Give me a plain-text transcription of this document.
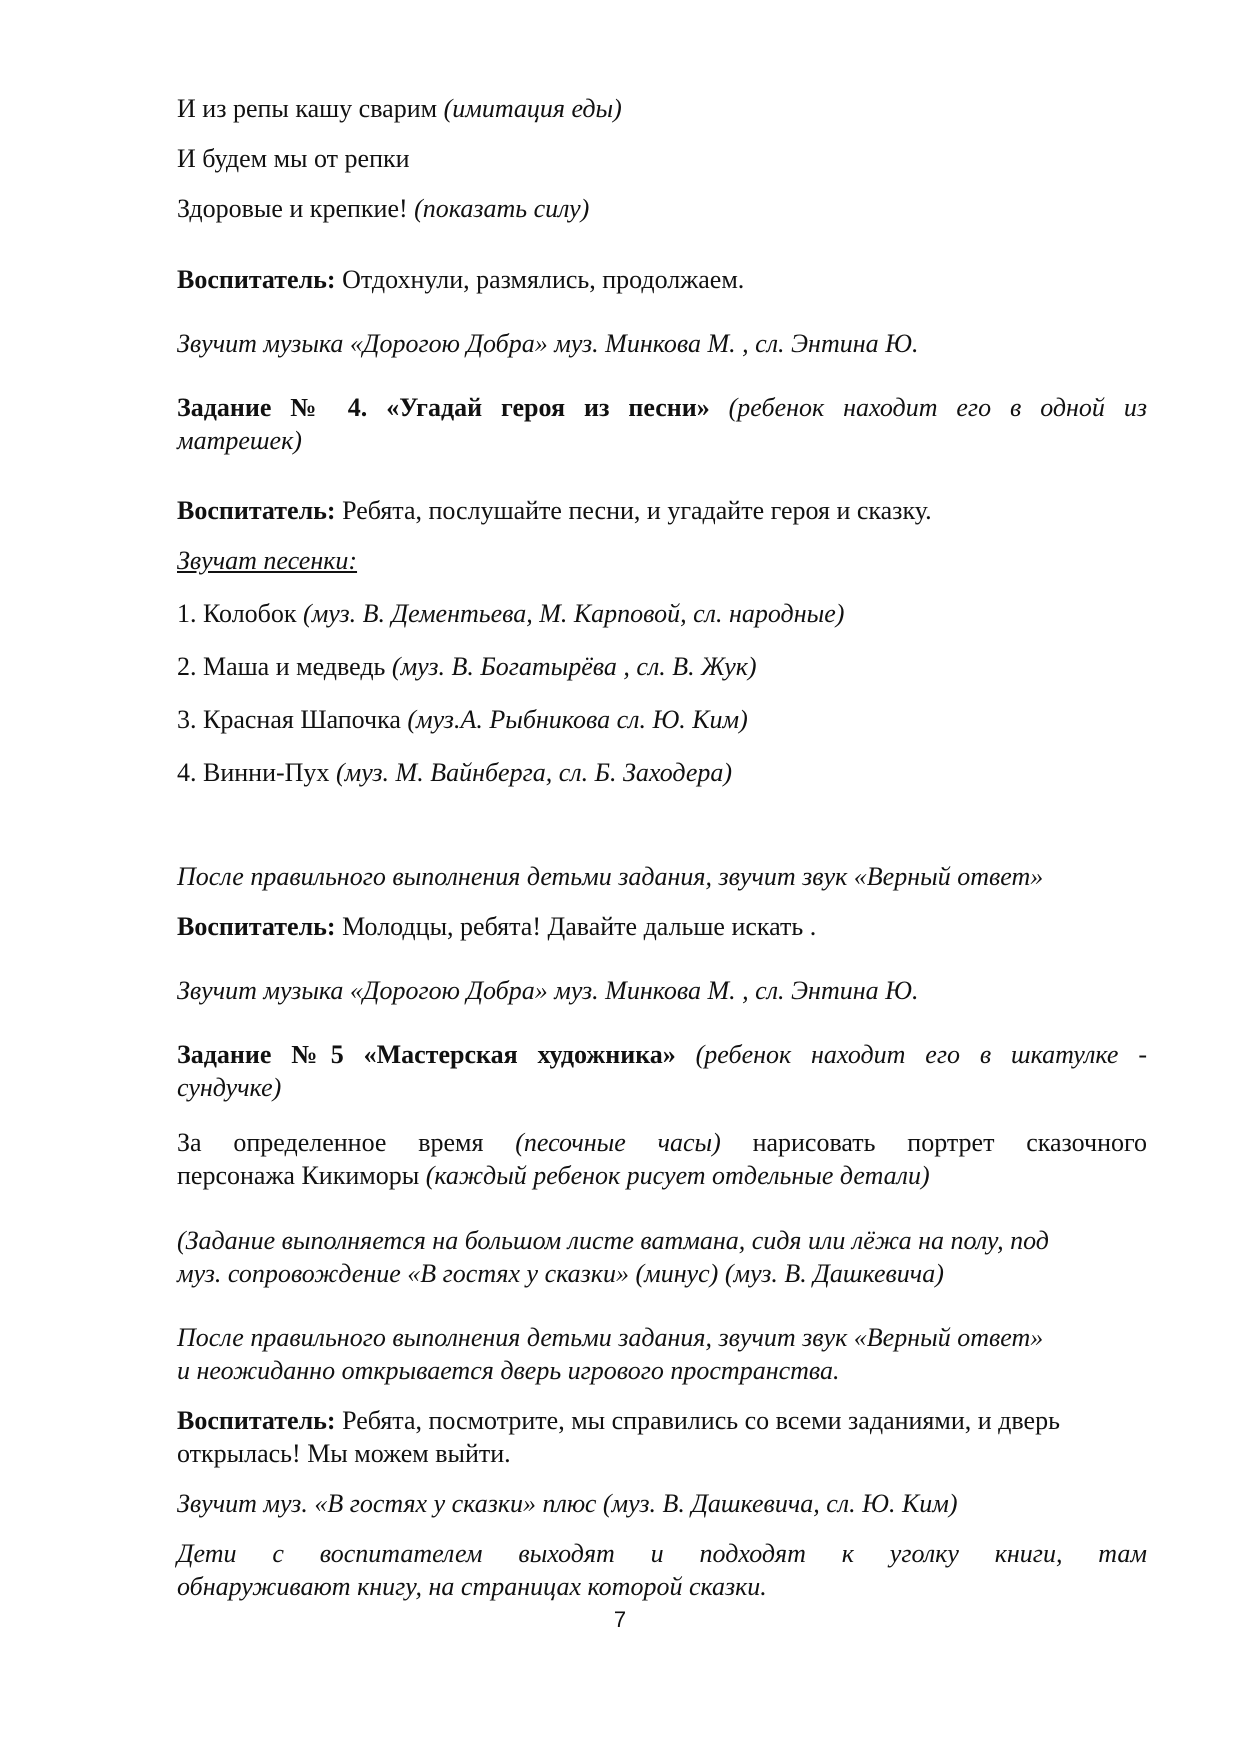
И из репы кашу сварим (имитация еды)
И будем мы от репки
Здоровые и крепкие! (показать силу)
Воспитатель: Отдохнули, размялись, продолжаем.
Звучит музыка «Дорогою Добра» муз. Минкова М. , сл. Энтина Ю.
Задание № 4. «Угадай героя из песни» (ребенок находит его в одной из
матрешек)
Воспитатель: Ребята, послушайте песни, и угадайте героя и сказку.
Звучат песенки:
1. Колобок (муз. В. Дементьева, М. Карповой, сл. народные)
2. Маша и медведь (муз. В. Богатырёва , сл. В. Жук)
3. Красная Шапочка (муз.А. Рыбникова сл. Ю. Ким)
4. Винни-Пух (муз. М. Вайнберга, сл. Б. Заходера)
После правильного выполнения детьми задания, звучит звук «Верный ответ»
Воспитатель: Молодцы, ребята! Давайте дальше искать .
Звучит музыка «Дорогою Добра» муз. Минкова М. , сл. Энтина Ю.
Задание №5 «Мастерская художника» (ребенок находит его в шкатулке -
сундучке)
За определенное время (песочные часы) нарисовать портрет сказочного
персонажа Кикиморы (каждый ребенок рисует отдельные детали)
(Задание выполняется на большом листе ватмана, сидя или лёжа на полу, под
муз. сопровождение «В гостях у сказки» (минус) (муз. В. Дашкевича)
После правильного выполнения детьми задания, звучит звук «Верный ответ»
и неожиданно открывается дверь игрового пространства.
Воспитатель: Ребята, посмотрите, мы справились со всеми заданиями, и дверь
открылась! Мы можем выйти.
Звучит муз. «В гостях у сказки» плюс (муз. В. Дашкевича, сл. Ю. Ким)
Дети с воспитателем выходят и подходят к уголку книги, там
обнаруживают книгу, на страницах которой сказки.
7
